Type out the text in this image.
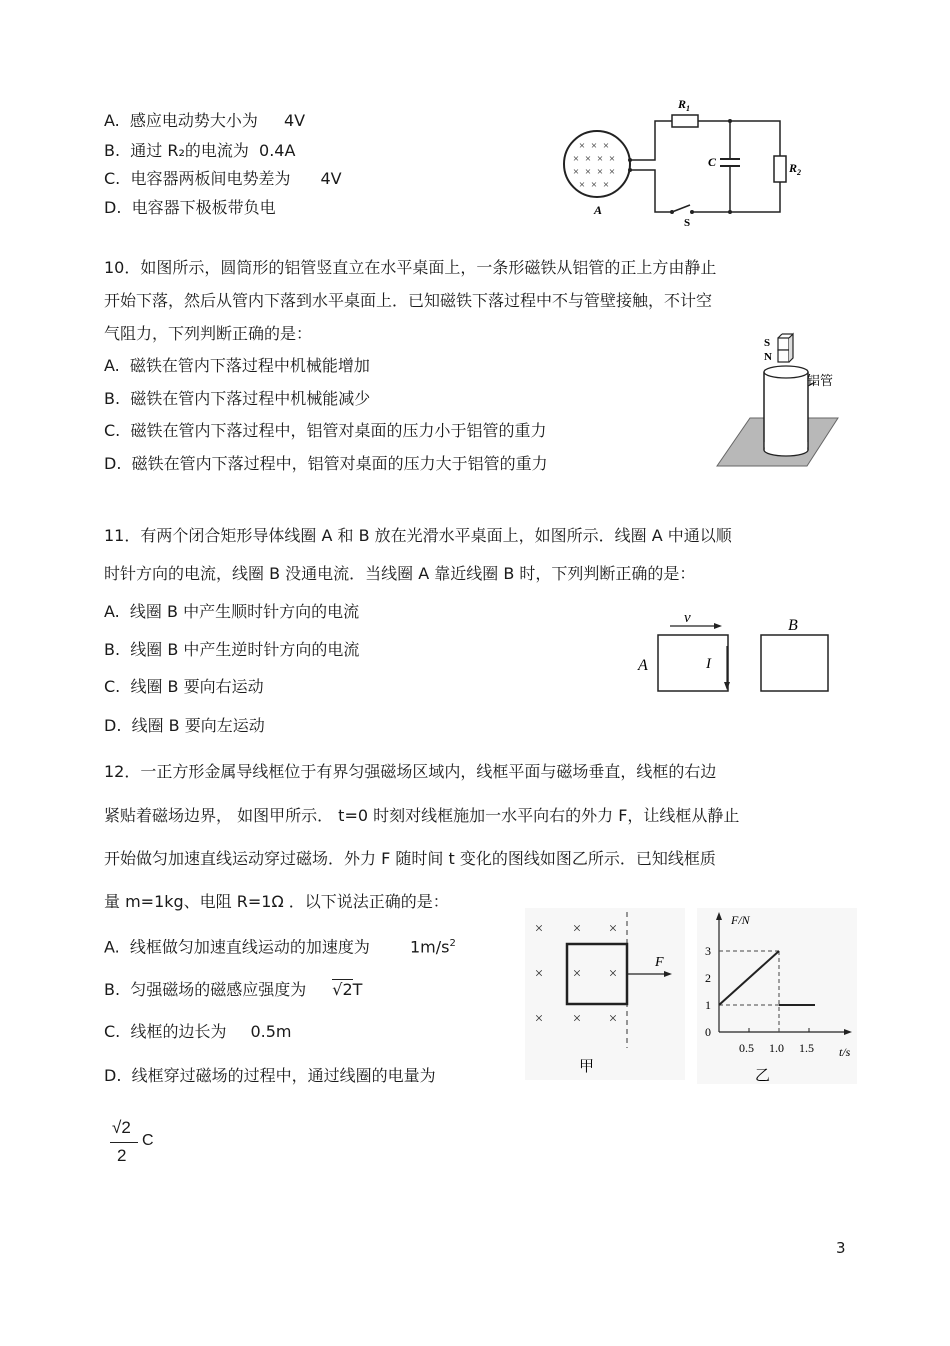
A. 感应电动势大小为 4V
B. 通过 R₂的电流为 0.4A
C. 电容器两板间电势差为 4V
D. 电容器下极板带负电
× × ×
× × × ×
× × × ×
× × ×
$R_1$
$R_2$
C
S
A
10．如图所示，圆筒形的铝管竖直立在水平桌面上，一条形磁铁从铝管的正上方由静止
开始下落，然后从管内下落到水平桌面上．已知磁铁下落过程中不与管壁接触，不计空
气阻力，下列判断正确的是：
A. 磁铁在管内下落过程中机械能增加
B. 磁铁在管内下落过程中机械能减少
C. 磁铁在管内下落过程中，铝管对桌面的压力小于铝管的重力
D. 磁铁在管内下落过程中，铝管对桌面的压力大于铝管的重力
S
N
铝管
11．有两个闭合矩形导体线圈 A 和 B 放在光滑水平桌面上，如图所示．线圈 A 中通以顺
时针方向的电流，线圈 B 没通电流．当线圈 A 靠近线圈 B 时，下列判断正确的是：
A. 线圈 B 中产生顺时针方向的电流
B. 线圈 B 中产生逆时针方向的电流
C. 线圈 B 要向右运动
D. 线圈 B 要向左运动
v
A	I
B
12．一正方形金属导线框位于有界匀强磁场区域内，线框平面与磁场垂直，线框的右边
紧贴着磁场边界， 如图甲所示． t=0 时刻对线框施加一水平向右的外力 F，让线框从静止
开始做匀加速直线运动穿过磁场．外力 F 随时间 t 变化的图线如图乙所示．已知线框质
量 m=1kg、电阻 R=1Ω ．以下说法正确的是：
A. 线框做匀加速直线运动的加速度为	$1m/s^2$
B. 匀强磁场的磁感应强度为 √2T
C. 线框的边长为 0.5m
D. 线框穿过磁场的过程中，通过线圈的电量为
√2
2
C
× × ×
× × ×
× × ×
F
甲
F/N
t/s
0
1
2
3
0.5 1.0 1.5
乙
3
